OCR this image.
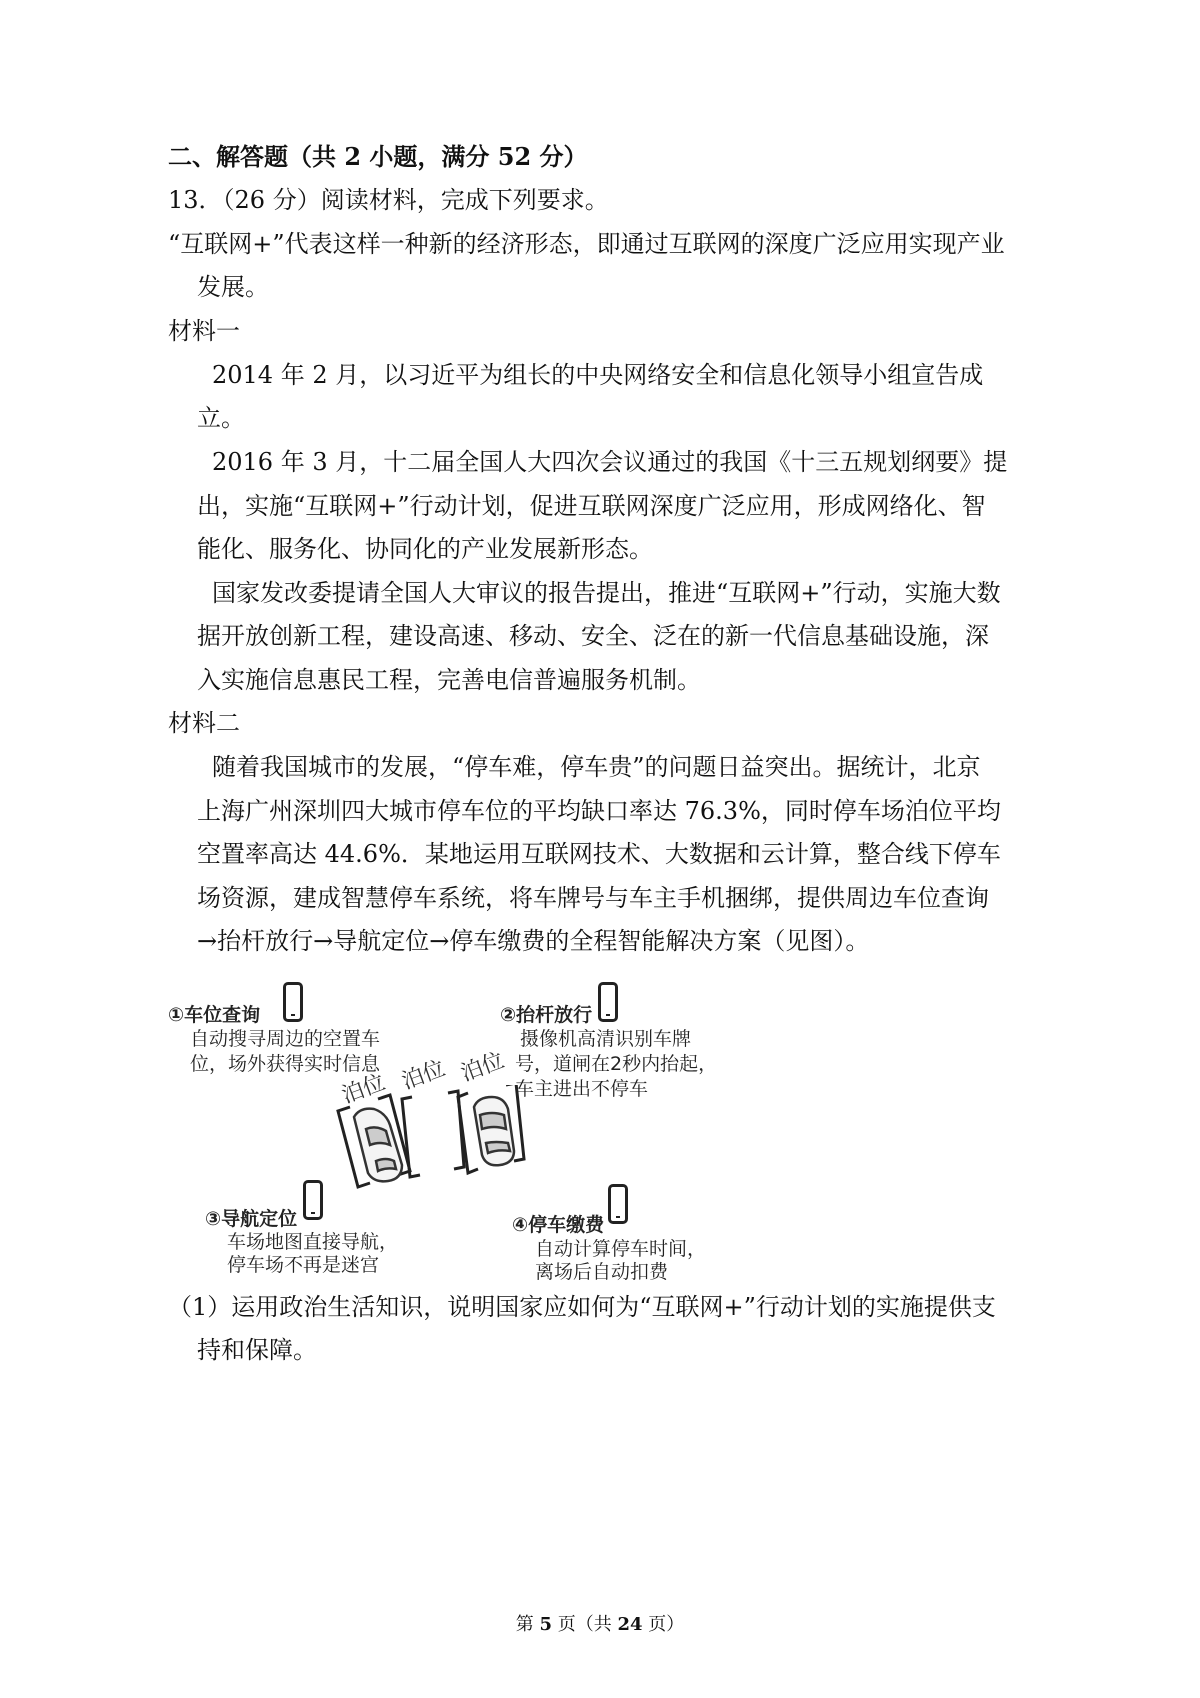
二、解答题（共 2 小题，满分 52 分）
13．（26 分）阅读材料，完成下列要求。
“互联网+”代表这样一种新的经济形态，即通过互联网的深度广泛应用实现产业
发展。
材料一
2014 年 2 月，以习近平为组长的中央网络安全和信息化领导小组宣告成
立。
2016 年 3 月，十二届全国人大四次会议通过的我国《十三五规划纲要》提
出，实施“互联网+”行动计划，促进互联网深度广泛应用，形成网络化、智
能化、服务化、协同化的产业发展新形态。
国家发改委提请全国人大审议的报告提出，推进“互联网+”行动，实施大数
据开放创新工程，建设高速、移动、安全、泛在的新一代信息基础设施，深
入实施信息惠民工程，完善电信普遍服务机制。
材料二
随着我国城市的发展，“停车难，停车贵”的问题日益突出。据统计，北京
上海广州深圳四大城市停车位的平均缺口率达 76.3%，同时停车场泊位平均
空置率高达 44.6%．某地运用互联网技术、大数据和云计算，整合线下停车
场资源，建成智慧停车系统，将车牌号与车主手机捆绑，提供周边车位查询
→抬杆放行→导航定位→停车缴费的全程智能解决方案（见图）。
①车位查询
自动搜寻周边的空置车
位，场外获得实时信息
②抬杆放行
摄像机高清识别车牌
号，道闸在2秒内抬起，
车主进出不停车
泊位 泊位 泊位
③导航定位
车场地图直接导航，
停车场不再是迷宫
④停车缴费
自动计算停车时间，
离场后自动扣费
（1）运用政治生活知识，说明国家应如何为“互联网+”行动计划的实施提供支
持和保障。
第 5 页（共 24 页）
